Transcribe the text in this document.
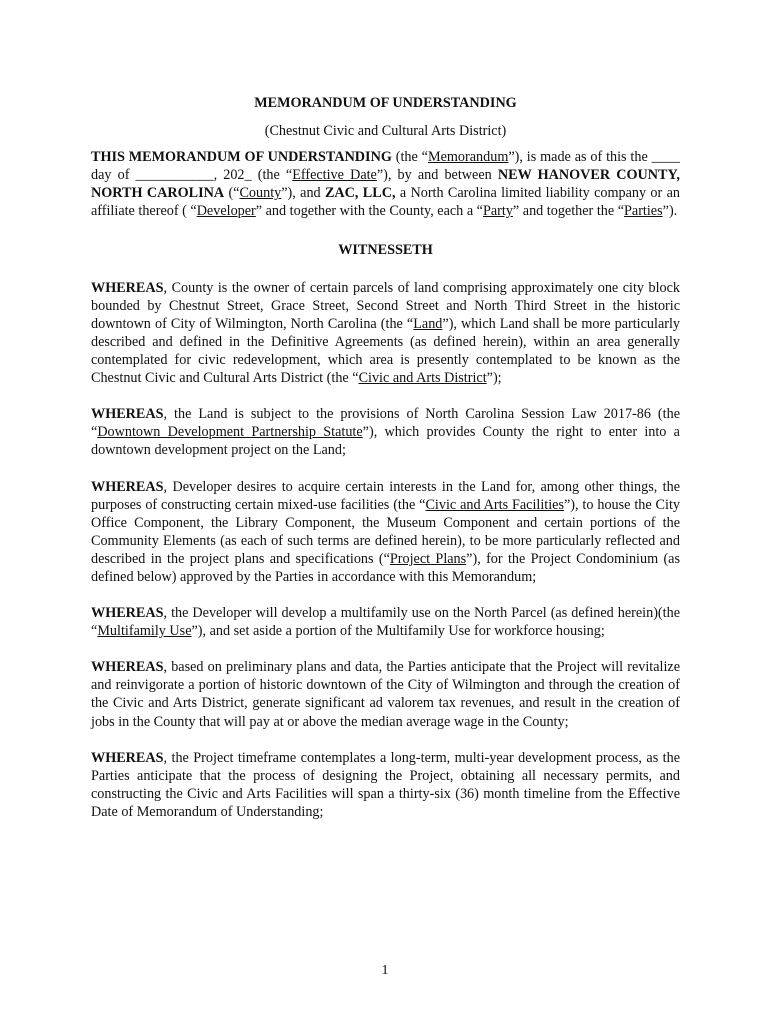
MEMORANDUM OF UNDERSTANDING

(Chestnut Civic and Cultural Arts District)

THIS MEMORANDUM OF UNDERSTANDING (the “Memorandum”), is made as of this the ____ day of ___________, 202_ (the “Effective Date”), by and between NEW HANOVER COUNTY, NORTH CAROLINA (“County”), and ZAC, LLC, a North Carolina limited liability company or an affiliate thereof ( “Developer” and together with the County, each a “Party” and together the “Parties”).

WITNESSETH

WHEREAS, County is the owner of certain parcels of land comprising approximately one city block bounded by Chestnut Street, Grace Street, Second Street and North Third Street in the historic downtown of City of Wilmington, North Carolina (the “Land”), which Land shall be more particularly described and defined in the Definitive Agreements (as defined herein), within an area generally contemplated for civic redevelopment, which area is presently contemplated to be known as the Chestnut Civic and Cultural Arts District (the “Civic and Arts District”);

WHEREAS, the Land is subject to the provisions of North Carolina Session Law 2017-86 (the “Downtown Development Partnership Statute”), which provides County the right to enter into a downtown development project on the Land;

WHEREAS, Developer desires to acquire certain interests in the Land for, among other things, the purposes of constructing certain mixed-use facilities (the “Civic and Arts Facilities”), to house the City Office Component, the Library Component, the Museum Component and certain portions of the Community Elements (as each of such terms are defined herein), to be more particularly reflected and described in the project plans and specifications (“Project Plans”), for the Project Condominium (as defined below) approved by the Parties in accordance with this Memorandum;

WHEREAS, the Developer will develop a multifamily use on the North Parcel (as defined herein)(the “Multifamily Use”), and set aside a portion of the Multifamily Use for workforce housing;

WHEREAS, based on preliminary plans and data, the Parties anticipate that the Project will revitalize and reinvigorate a portion of historic downtown of the City of Wilmington and through the creation of the Civic and Arts District, generate significant ad valorem tax revenues, and result in the creation of jobs in the County that will pay at or above the median average wage in the County;

WHEREAS, the Project timeframe contemplates a long-term, multi-year development process, as the Parties anticipate that the process of designing the Project, obtaining all necessary permits, and constructing the Civic and Arts Facilities will span a thirty-six (36) month timeline from the Effective Date of Memorandum of Understanding;

1
